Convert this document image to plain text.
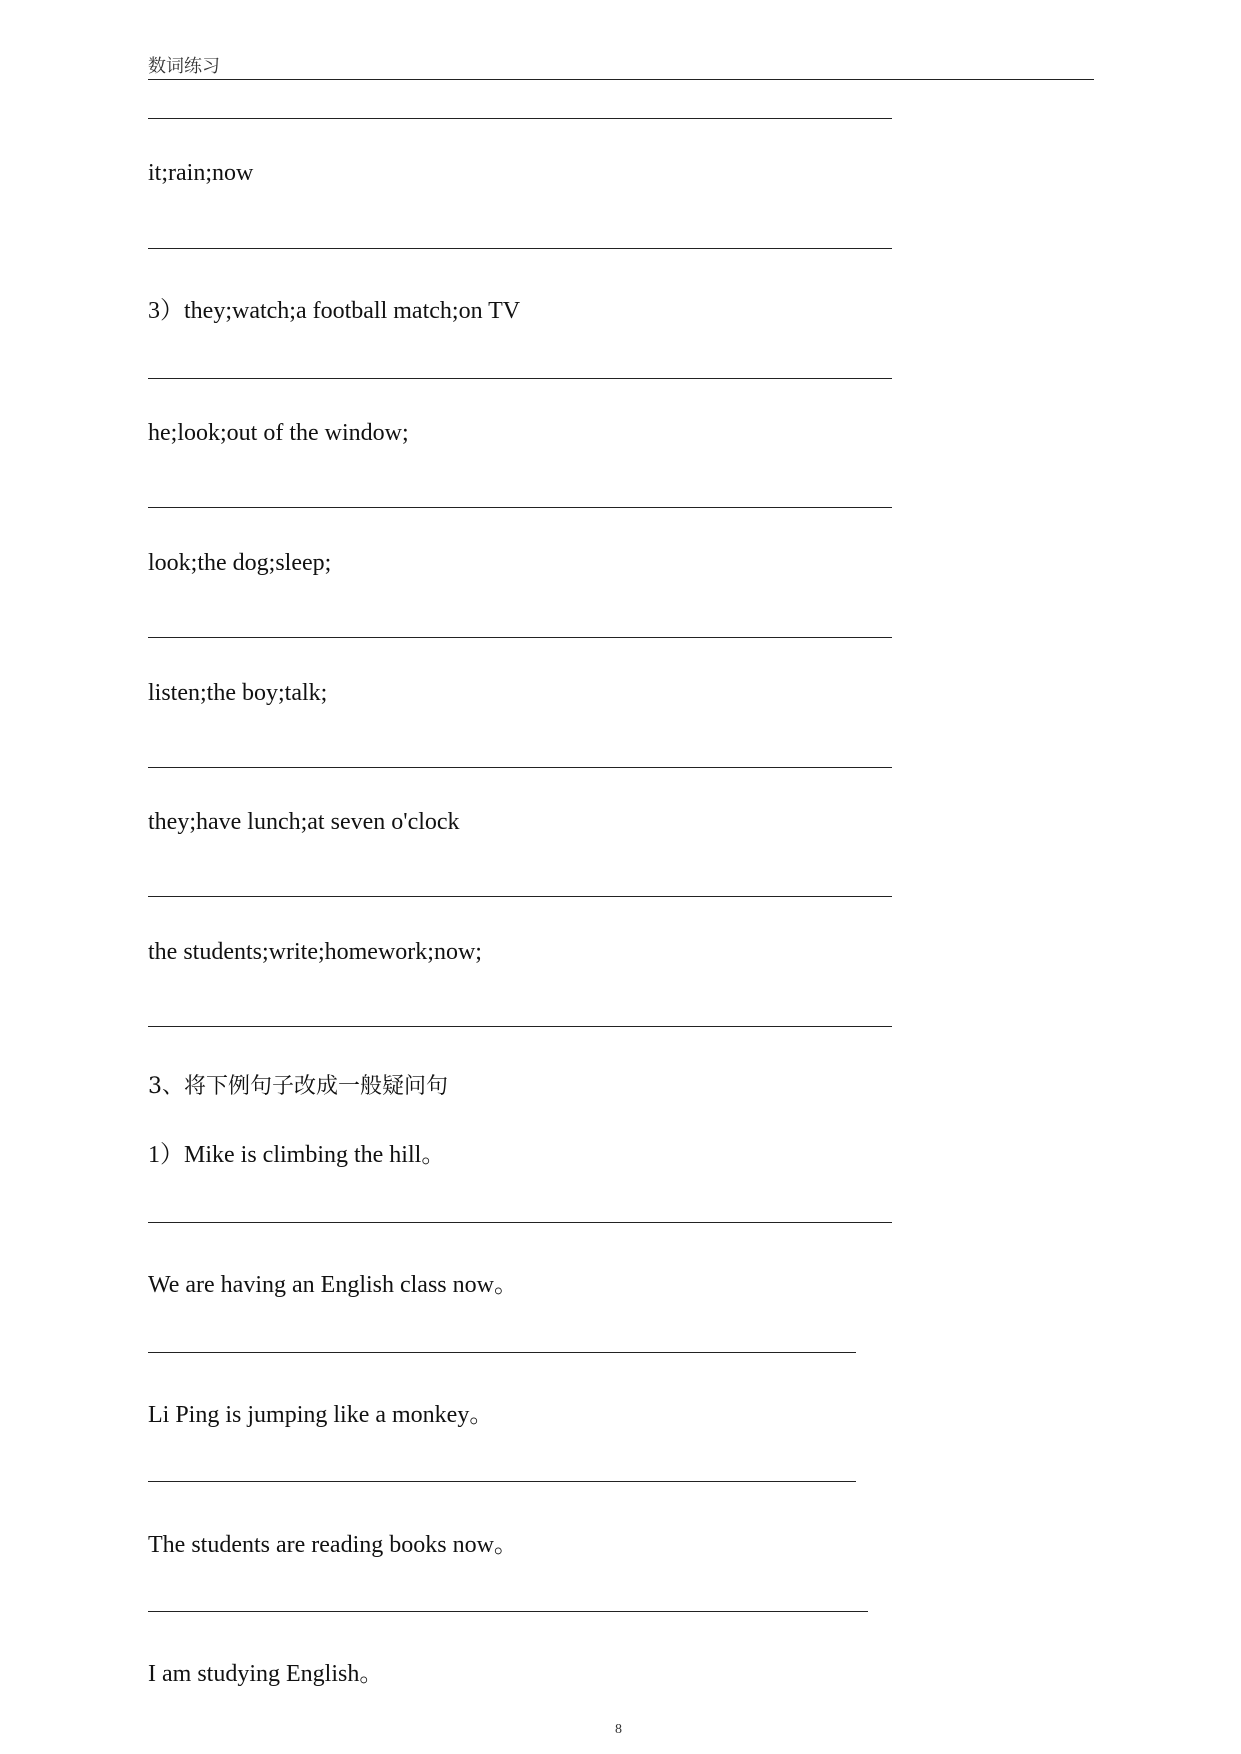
数词练习
it;rain;now
3）they;watch;a football match;on TV
he;look;out of the window;
look;the dog;sleep;
listen;the boy;talk;
they;have lunch;at seven o'clock
the students;write;homework;now;
3、将下例句子改成一般疑问句
1）Mike is climbing the hill。
We are having an English class now。
Li Ping is jumping like a monkey。
The students are reading books now。
I am studying English。
8
